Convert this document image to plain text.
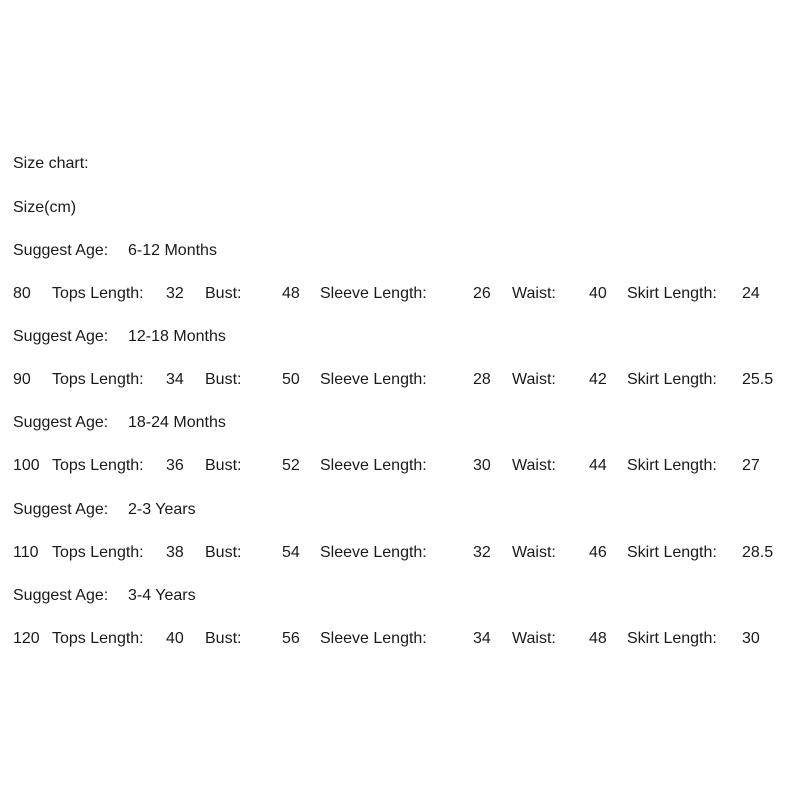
Size chart:
Size(cm)
Suggest Age: 6-12 Months
80 Tops Length: 32 Bust:	48 Sleeve Length:	26 Waist: 40 Skirt Length: 24
Suggest Age: 12-18 Months
90 Tops Length: 34 Bust:	50 Sleeve Length:	28 Waist: 42 Skirt Length: 25.5
Suggest Age: 18-24 Months
100 Tops Length: 36 Bust:	52 Sleeve Length:	30 Waist: 44 Skirt Length: 27
Suggest Age: 2-3 Years
110 Tops Length: 38 Bust:	54 Sleeve Length:	32 Waist: 46 Skirt Length: 28.5
Suggest Age: 3-4 Years
120 Tops Length: 40 Bust:	56 Sleeve Length:	34 Waist: 48 Skirt Length: 30
